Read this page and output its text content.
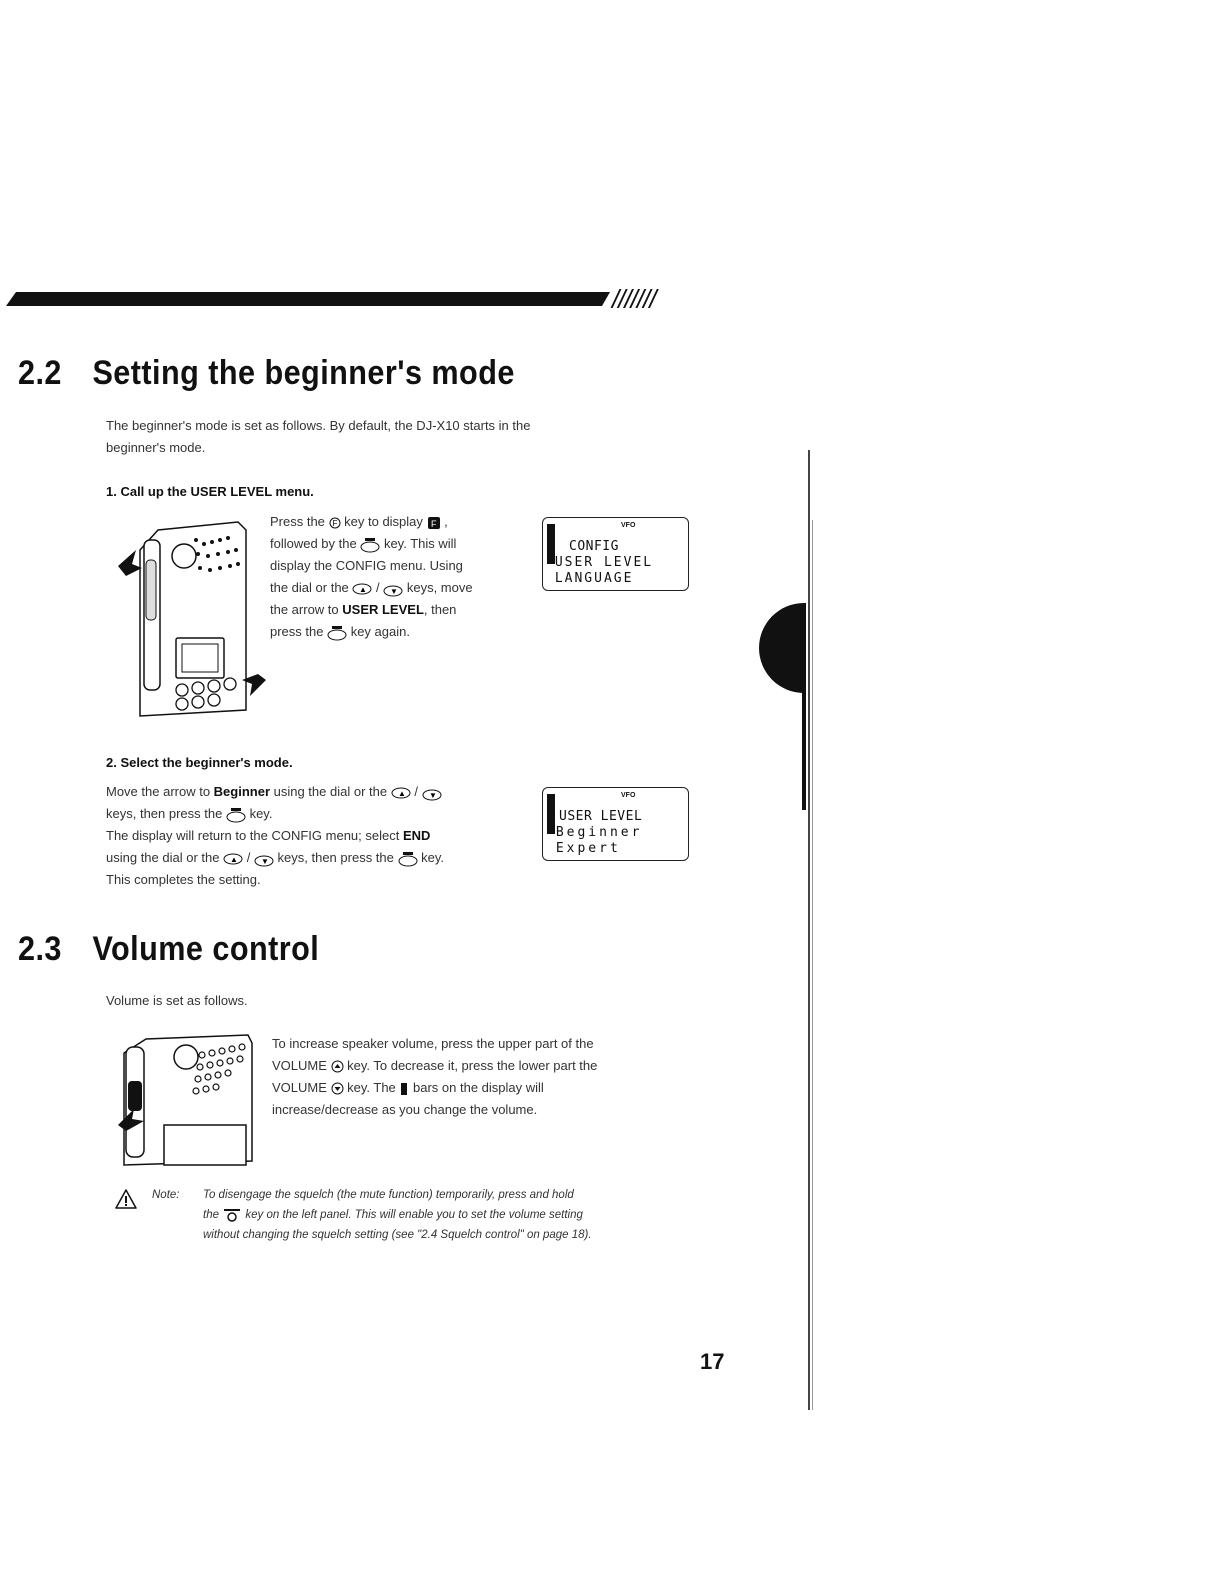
///////
2.2 Setting the beginner's mode
The beginner's mode is set as follows. By default, the DJ-X10 starts in the
beginner's mode.
1. Call up the USER LEVEL menu.
Press the F key to display F ,
followed by the  key. This will
display the CONFIG menu. Using
the dial or the ▲ / ▼ keys, move
the arrow to USER LEVEL, then
press the  key again.
VFO
CONFIG
-USER LEVEL
LANGUAGE
2. Select the beginner's mode.
Move the arrow to Beginner using the dial or the ▲ / ▼
keys, then press the  key.
The display will return to the CONFIG menu; select END
using the dial or the ▲ / ▼ keys, then press the  key.
This completes the setting.
VFO
USER LEVEL
-Beginner
Expert
2.3 Volume control
Volume is set as follows.
To increase speaker volume, press the upper part of the
VOLUME  key. To decrease it, press the lower part the
VOLUME  key. The  bars on the display will
increase/decrease as you change the volume.
Note: To disengage the squelch (the mute function) temporarily, press and hold
the  key on the left panel. This will enable you to set the volume setting
without changing the squelch setting (see "2.4 Squelch control" on page 18).
17
